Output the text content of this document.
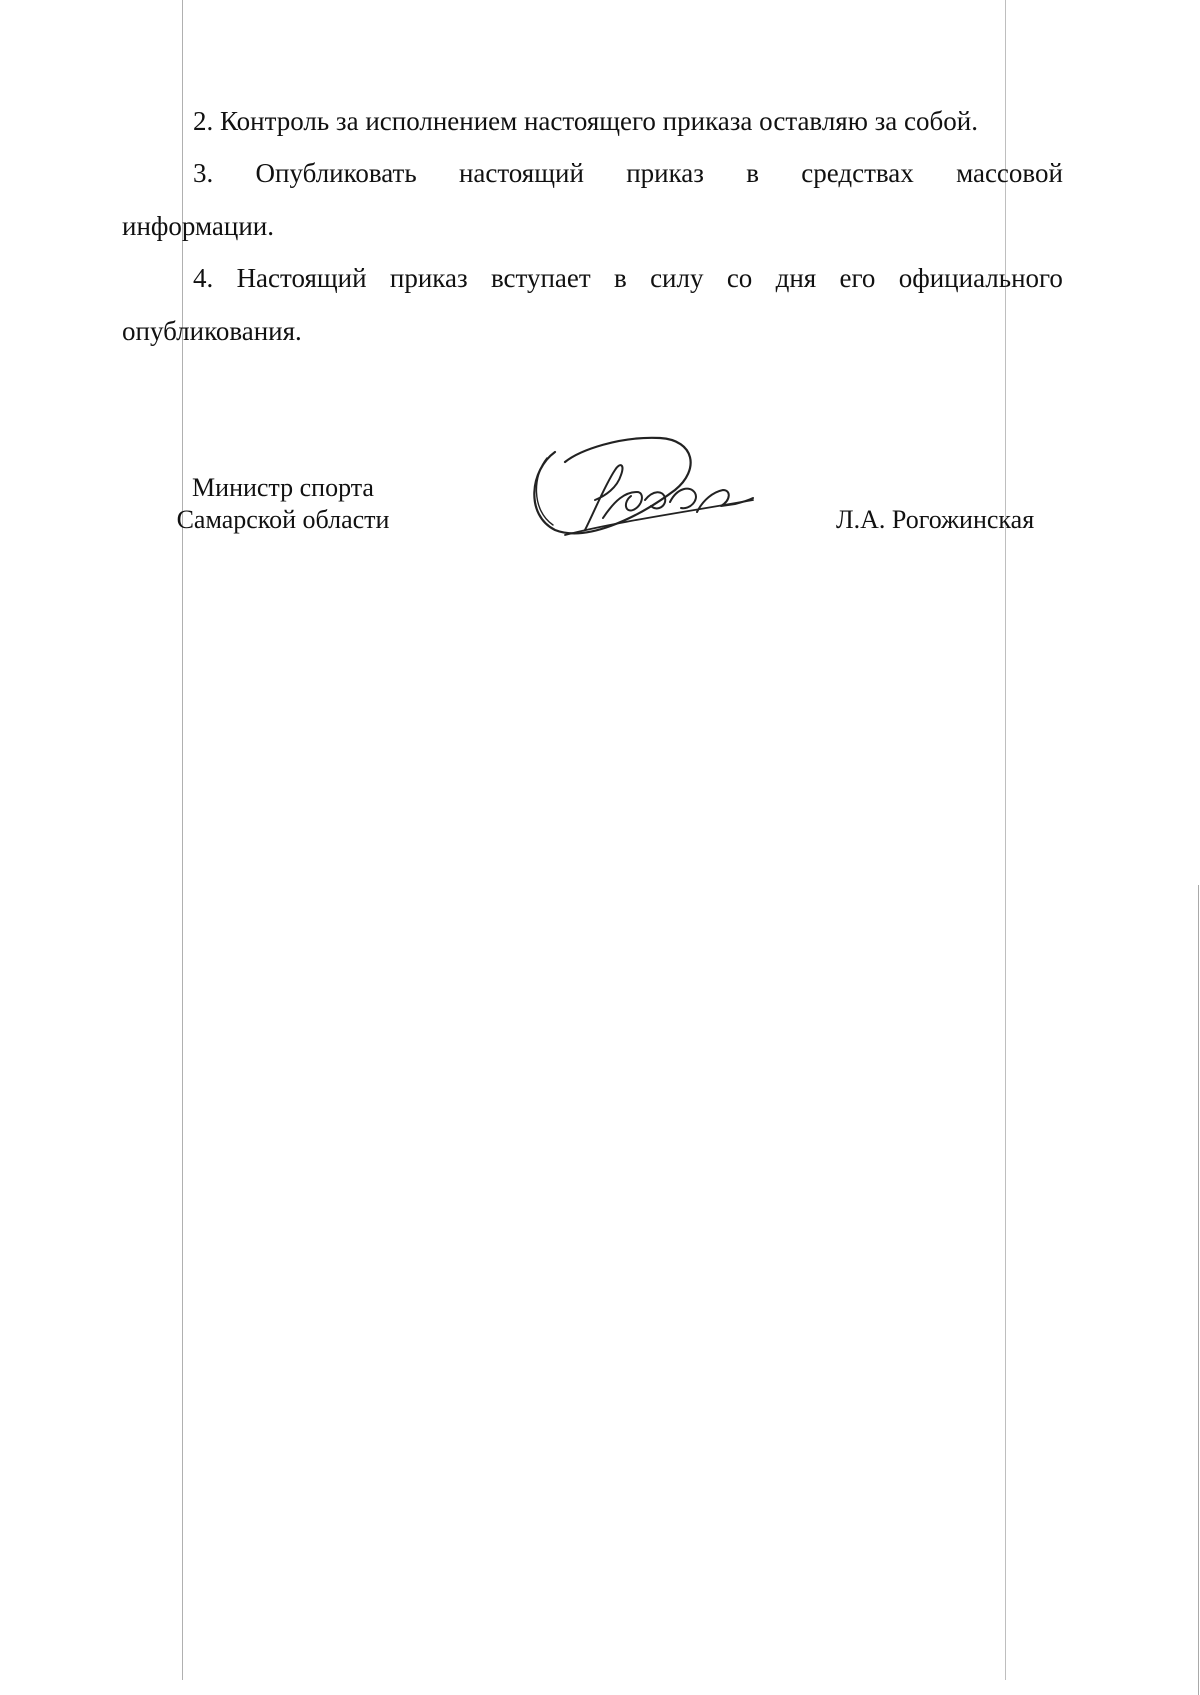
2. Контроль за исполнением настоящего приказа оставляю за собой.
3. Опубликовать настоящий приказ в средствах массовой
информации.
4. Настоящий приказ вступает в силу со дня его официального
опубликования.
Министр спорта
Самарской области	Л.А. Рогожинская
